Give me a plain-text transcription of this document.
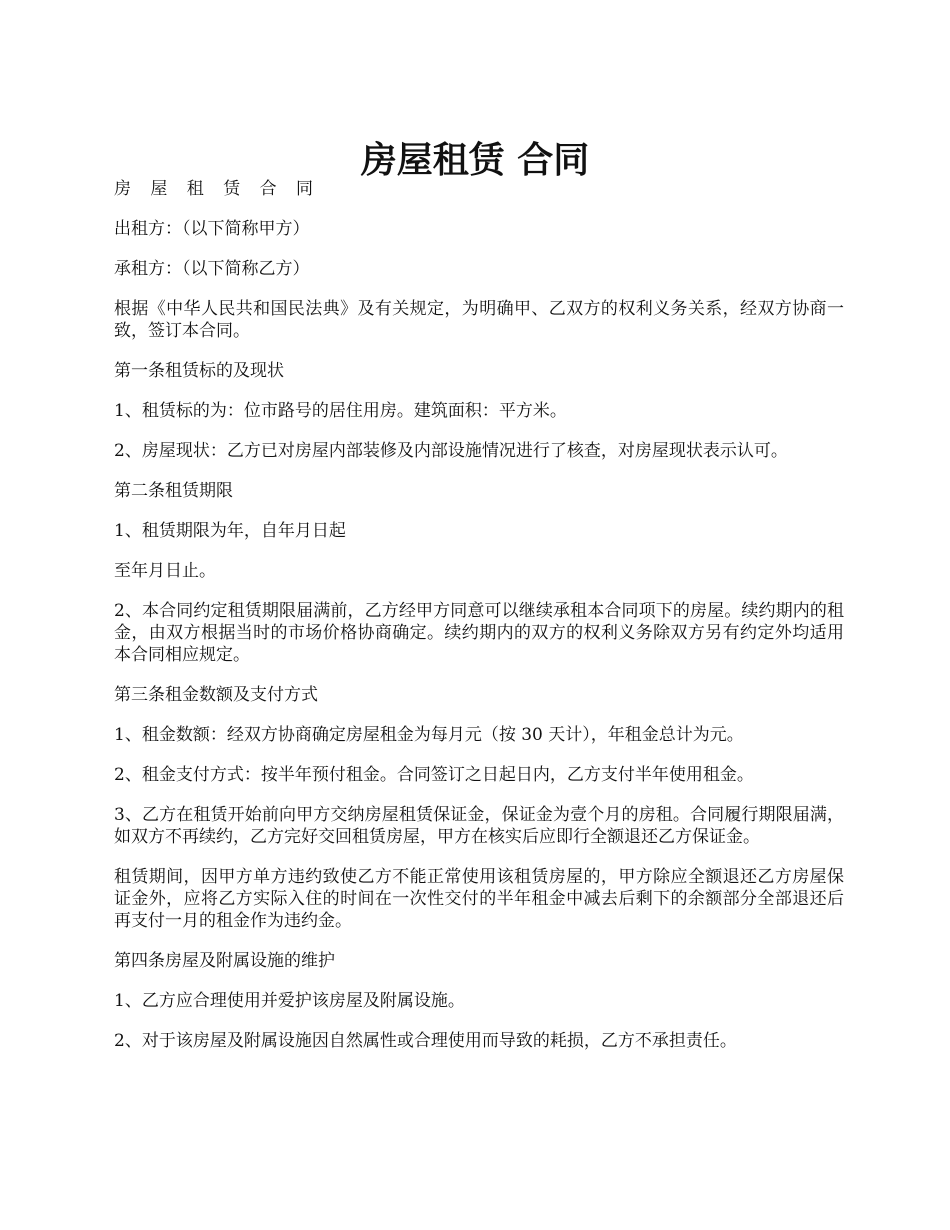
房屋租赁 合同

房 屋 租 赁 合 同

出租方：（以下简称甲方）

承租方：（以下简称乙方）

根据《中华人民共和国民法典》及有关规定，为明确甲、乙双方的权利义务关系，经双方协商一致，签订本合同。

第一条租赁标的及现状

1、租赁标的为：位市路号的居住用房。建筑面积：平方米。

2、房屋现状：乙方已对房屋内部装修及内部设施情况进行了核查，对房屋现状表示认可。

第二条租赁期限

1、租赁期限为年，自年月日起

至年月日止。

2、本合同约定租赁期限届满前，乙方经甲方同意可以继续承租本合同项下的房屋。续约期内的租金，由双方根据当时的市场价格协商确定。续约期内的双方的权利义务除双方另有约定外均适用本合同相应规定。

第三条租金数额及支付方式

1、租金数额：经双方协商确定房屋租金为每月元（按 30 天计），年租金总计为元。

2、租金支付方式：按半年预付租金。合同签订之日起日内，乙方支付半年使用租金。

3、乙方在租赁开始前向甲方交纳房屋租赁保证金，保证金为壹个月的房租。合同履行期限届满，如双方不再续约，乙方完好交回租赁房屋，甲方在核实后应即行全额退还乙方保证金。

租赁期间，因甲方单方违约致使乙方不能正常使用该租赁房屋的，甲方除应全额退还乙方房屋保证金外，应将乙方实际入住的时间在一次性交付的半年租金中减去后剩下的余额部分全部退还后再支付一月的租金作为违约金。

第四条房屋及附属设施的维护

1、乙方应合理使用并爱护该房屋及附属设施。

2、对于该房屋及附属设施因自然属性或合理使用而导致的耗损，乙方不承担责任。
